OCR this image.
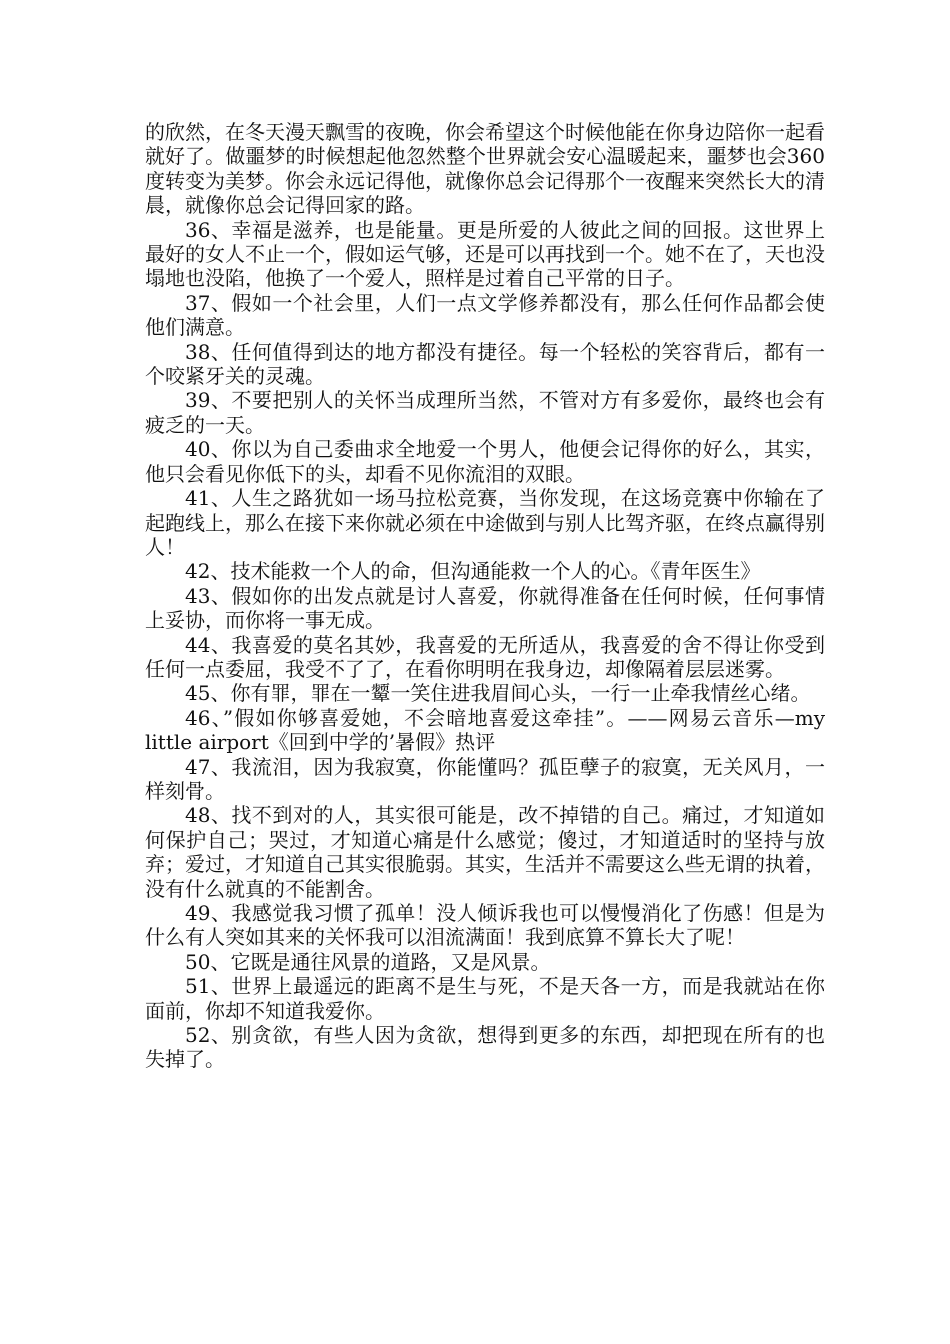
的欣然，在冬天漫天飘雪的夜晚，你会希望这个时候他能在你身边陪你一起看就好了。做噩梦的时候想起他忽然整个世界就会安心温暖起来，噩梦也会360度转变为美梦。你会永远记得他，就像你总会记得那个一夜醒来突然长大的清晨，就像你总会记得回家的路。

36、幸福是滋养，也是能量。更是所爱的人彼此之间的回报。这世界上最好的女人不止一个，假如运气够，还是可以再找到一个。她不在了，天也没塌地也没陷，他换了一个爱人，照样是过着自己平常的日子。

37、假如一个社会里，人们一点文学修养都没有，那么任何作品都会使他们满意。

38、任何值得到达的地方都没有捷径。每一个轻松的笑容背后，都有一个咬紧牙关的灵魂。

39、不要把别人的关怀当成理所当然，不管对方有多爱你，最终也会有疲乏的一天。

40、你以为自己委曲求全地爱一个男人，他便会记得你的好么，其实，他只会看见你低下的头，却看不见你流泪的双眼。

41、人生之路犹如一场马拉松竞赛，当你发现，在这场竞赛中你输在了起跑线上，那么在接下来你就必须在中途做到与别人比驾齐驱，在终点赢得别人！

42、技术能救一个人的命，但沟通能救一个人的心。《青年医生》

43、假如你的出发点就是讨人喜爱，你就得准备在任何时候，任何事情上妥协，而你将一事无成。

44、我喜爱的莫名其妙，我喜爱的无所适从，我喜爱的舍不得让你受到任何一点委屈，我受不了了，在看你明明在我身边，却像隔着层层迷雾。

45、你有罪，罪在一颦一笑住进我眉间心头，一行一止牵我情丝心绪。

46、”假如你够喜爱她，不会暗地喜爱这牵挂”。——网易云音乐—my little airport《回到中学的’暑假》热评

47、我流泪，因为我寂寞，你能懂吗？孤臣孽子的寂寞，无关风月，一样刻骨。

48、找不到对的人，其实很可能是，改不掉错的自己。痛过，才知道如何保护自己；哭过，才知道心痛是什么感觉；傻过，才知道适时的坚持与放弃；爱过，才知道自己其实很脆弱。其实，生活并不需要这么些无谓的执着，没有什么就真的不能割舍。

49、我感觉我习惯了孤单！没人倾诉我也可以慢慢消化了伤感！但是为什么有人突如其来的关怀我可以泪流满面！我到底算不算长大了呢！

50、它既是通往风景的道路，又是风景。

51、世界上最遥远的距离不是生与死，不是天各一方，而是我就站在你面前，你却不知道我爱你。

52、别贪欲，有些人因为贪欲，想得到更多的东西，却把现在所有的也失掉了。
